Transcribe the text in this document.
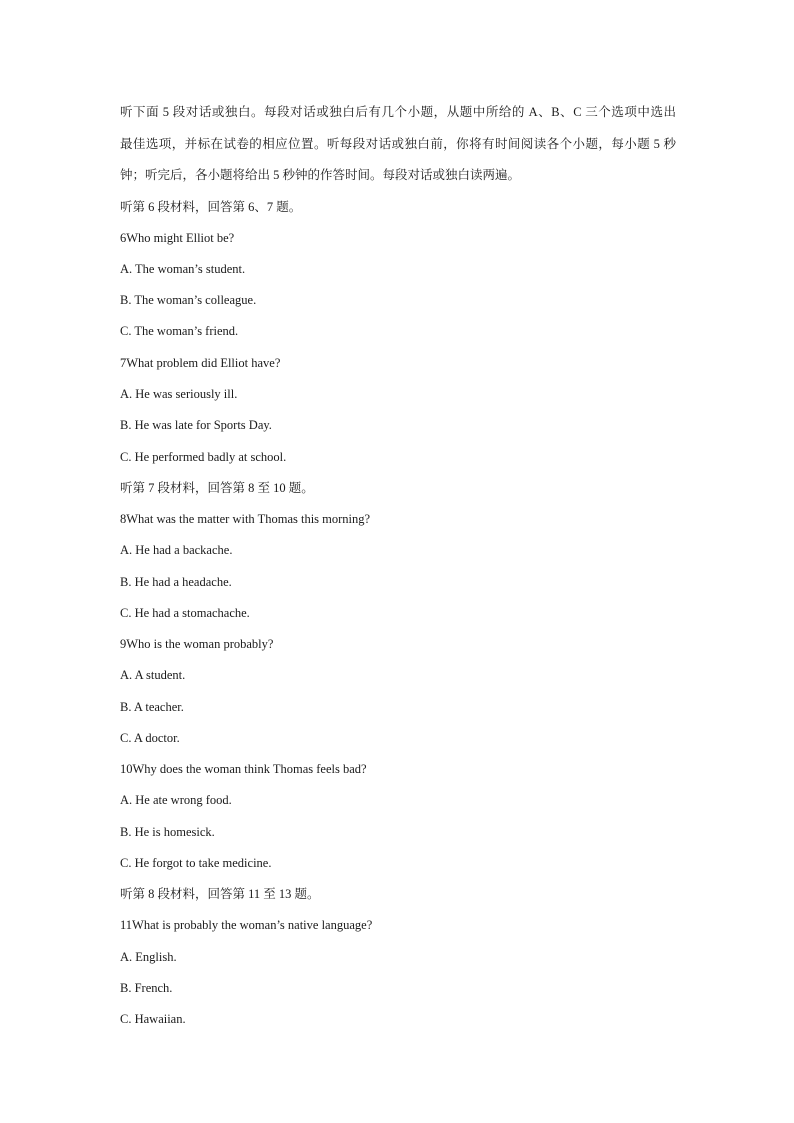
听下面 5 段对话或独白。每段对话或独白后有几个小题，从题中所给的 A、B、C 三个选项中选出
最佳选项，并标在试卷的相应位置。听每段对话或独白前，你将有时间阅读各个小题，每小题 5 秒
钟；听完后，各小题将给出 5 秒钟的作答时间。每段对话或独白读两遍。
听第 6 段材料，回答第 6、7 题。
6Who might Elliot be?
A. The woman’s student.
B. The woman’s colleague.
C. The woman’s friend.
7What problem did Elliot have?
A. He was seriously ill.
B. He was late for Sports Day.
C. He performed badly at school.
听第 7 段材料，回答第 8 至 10 题。
8What was the matter with Thomas this morning?
A. He had a backache.
B. He had a headache.
C. He had a stomachache.
9Who is the woman probably?
A. A student.
B. A teacher.
C. A doctor.
10Why does the woman think Thomas feels bad?
A. He ate wrong food.
B. He is homesick.
C. He forgot to take medicine.
听第 8 段材料，回答第 11 至 13 题。
11What is probably the woman’s native language?
A. English.
B. French.
C. Hawaiian.
